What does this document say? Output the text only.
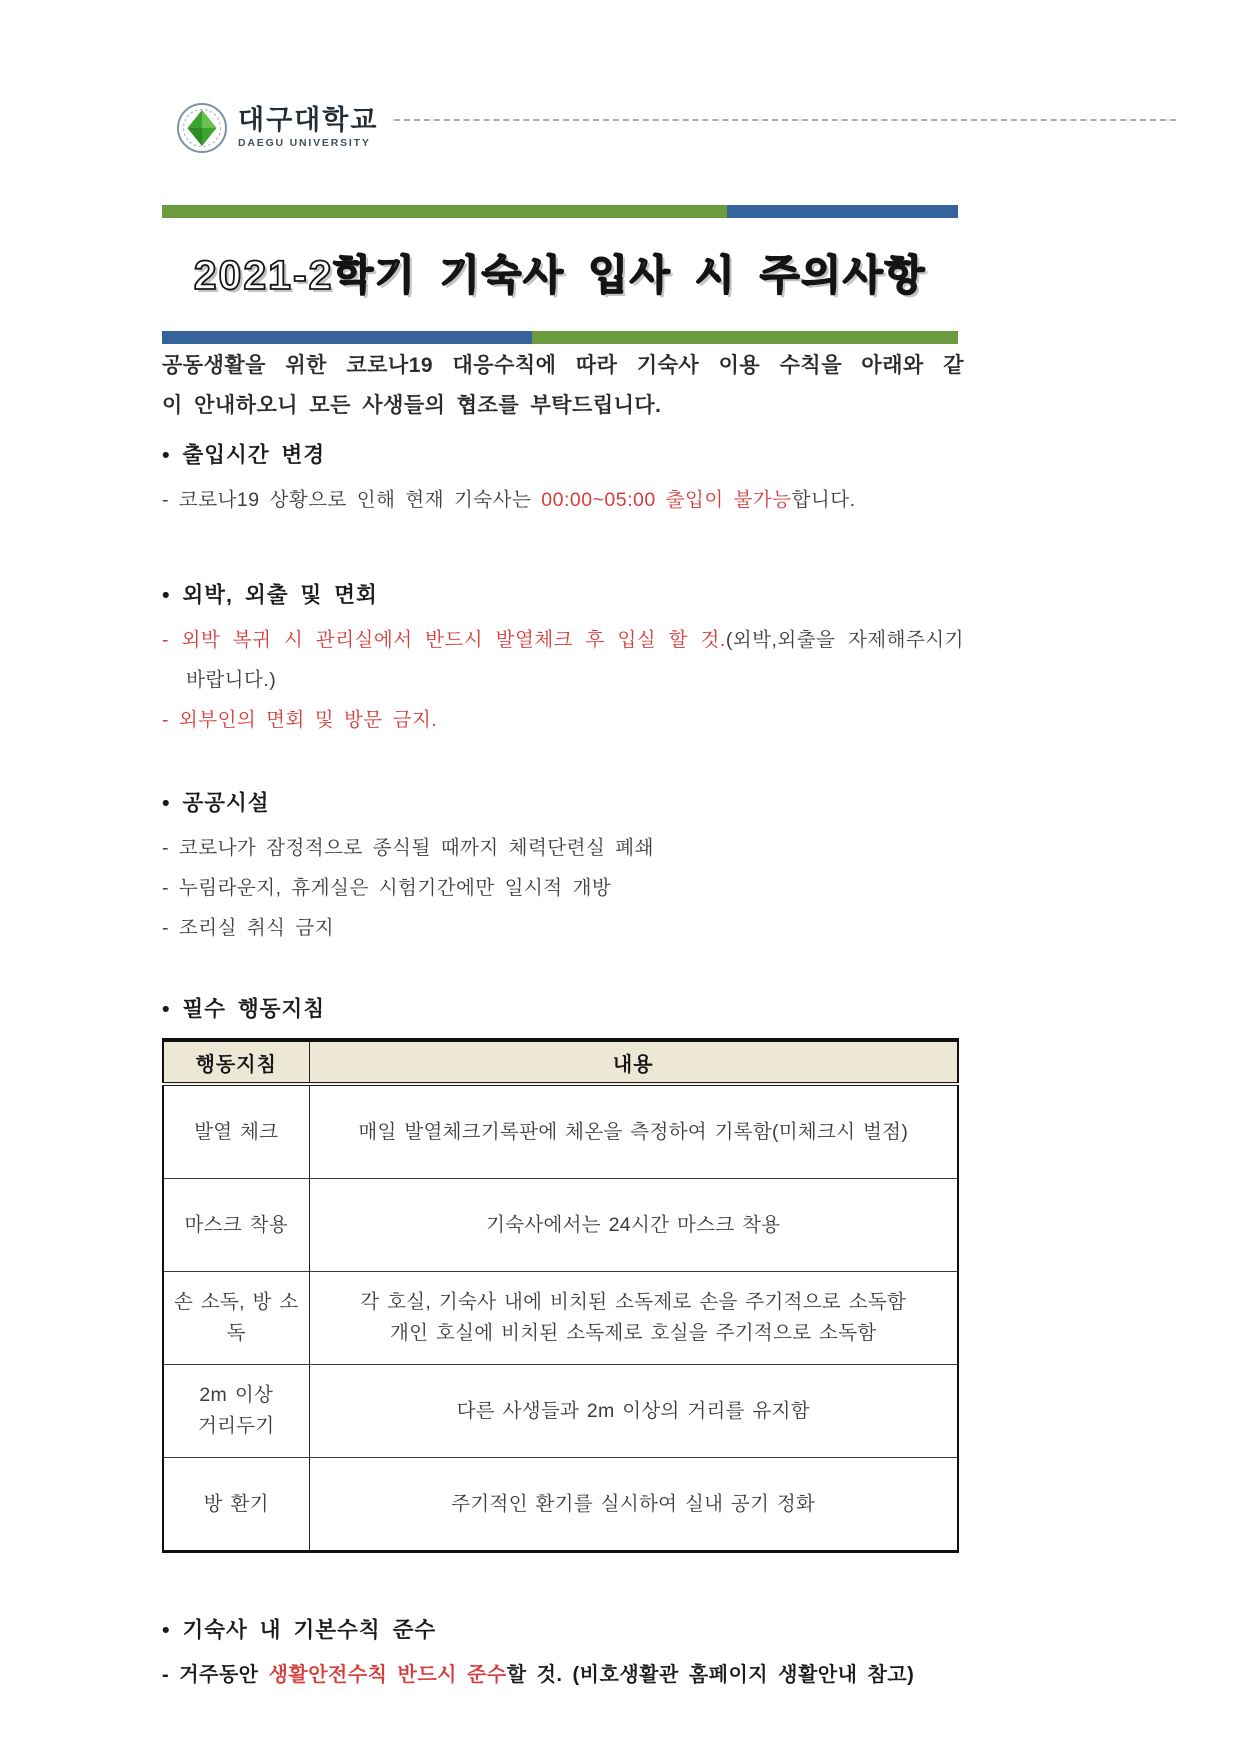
대구대학교
DAEGU UNIVERSITY
2021-2학기 기숙사 입사 시 주의사항
공동생활을 위한 코로나19 대응수칙에 따라 기숙사 이용 수칙을 아래와 같
이 안내하오니 모든 사생들의 협조를 부탁드립니다.
• 출입시간 변경

- 코로나19 상황으로 인해 현재 기숙사는 00:00~05:00 출입이 불가능합니다.

• 외박, 외출 및 면회

- 외박 복귀 시 관리실에서 반드시 발열체크 후 입실 할 것.(외박,외출을 자제해주시기 바랍니다.)

- 외부인의 면회 및 방문 금지.

• 공공시설

- 코로나가 잠정적으로 종식될 때까지 체력단련실 폐쇄

- 누림라운지, 휴게실은 시험기간에만 일시적 개방

- 조리실 취식 금지

• 필수 행동지침
행동지침	내용

발열 체크	매일 발열체크기록판에 체온을 측정하여 기록함(미체크시 벌점)

마스크 착용	기숙사에서는 24시간 마스크 착용

손 소독, 방 소독	각 호실, 기숙사 내에 비치된 소독제로 손을 주기적으로 소독함
개인 호실에 비치된 소독제로 호실을 주기적으로 소독함

2m 이상
거리두기	다른 사생들과 2m 이상의 거리를 유지함

방 환기	주기적인 환기를 실시하여 실내 공기 정화
• 기숙사 내 기본수칙 준수

- 거주동안 생활안전수칙 반드시 준수할 것. (비호생활관 홈페이지 생활안내 참고)
